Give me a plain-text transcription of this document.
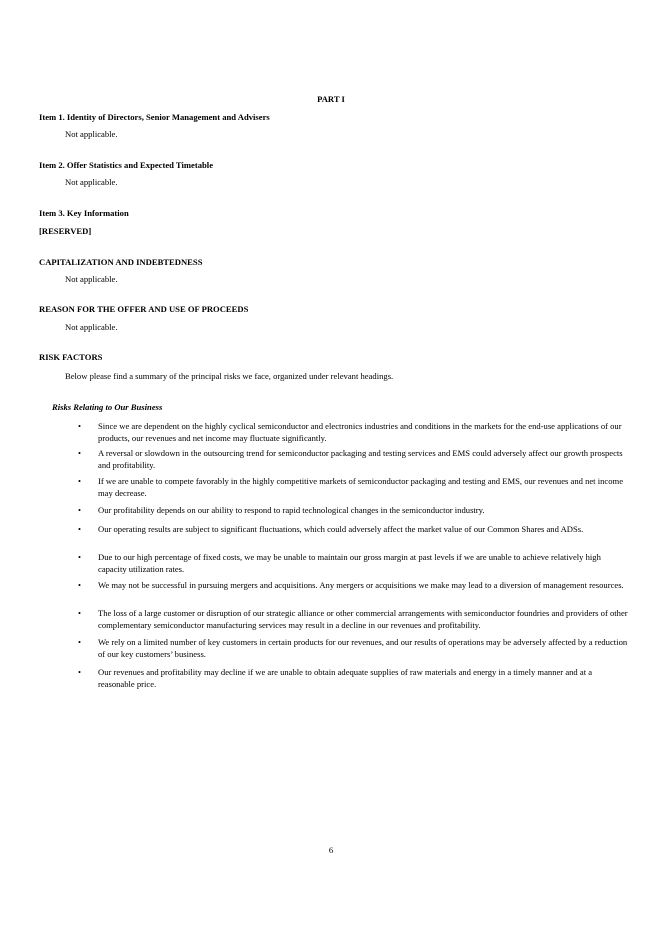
PART I
Item 1. Identity of Directors, Senior Management and Advisers
Not applicable.
Item 2. Offer Statistics and Expected Timetable
Not applicable.
Item 3. Key Information
[RESERVED]
CAPITALIZATION AND INDEBTEDNESS
Not applicable.
REASON FOR THE OFFER AND USE OF PROCEEDS
Not applicable.
RISK FACTORS
Below please find a summary of the principal risks we face, organized under relevant headings.
Risks Relating to Our Business
• Since we are dependent on the highly cyclical semiconductor and electronics industries and conditions in the markets for the end-use applications of our products, our revenues and net income may fluctuate significantly.
• A reversal or slowdown in the outsourcing trend for semiconductor packaging and testing services and EMS could adversely affect our growth prospects and profitability.
• If we are unable to compete favorably in the highly competitive markets of semiconductor packaging and testing and EMS, our revenues and net income may decrease.
• Our profitability depends on our ability to respond to rapid technological changes in the semiconductor industry.
• Our operating results are subject to significant fluctuations, which could adversely affect the market value of our Common Shares and ADSs.
• Due to our high percentage of fixed costs, we may be unable to maintain our gross margin at past levels if we are unable to achieve relatively high capacity utilization rates.
• We may not be successful in pursuing mergers and acquisitions. Any mergers or acquisitions we make may lead to a diversion of management resources.
• The loss of a large customer or disruption of our strategic alliance or other commercial arrangements with semiconductor foundries and providers of other complementary semiconductor manufacturing services may result in a decline in our revenues and profitability.
• We rely on a limited number of key customers in certain products for our revenues, and our results of operations may be adversely affected by a reduction of our key customers’ business.
• Our revenues and profitability may decline if we are unable to obtain adequate supplies of raw materials and energy in a timely manner and at a reasonable price.
6
